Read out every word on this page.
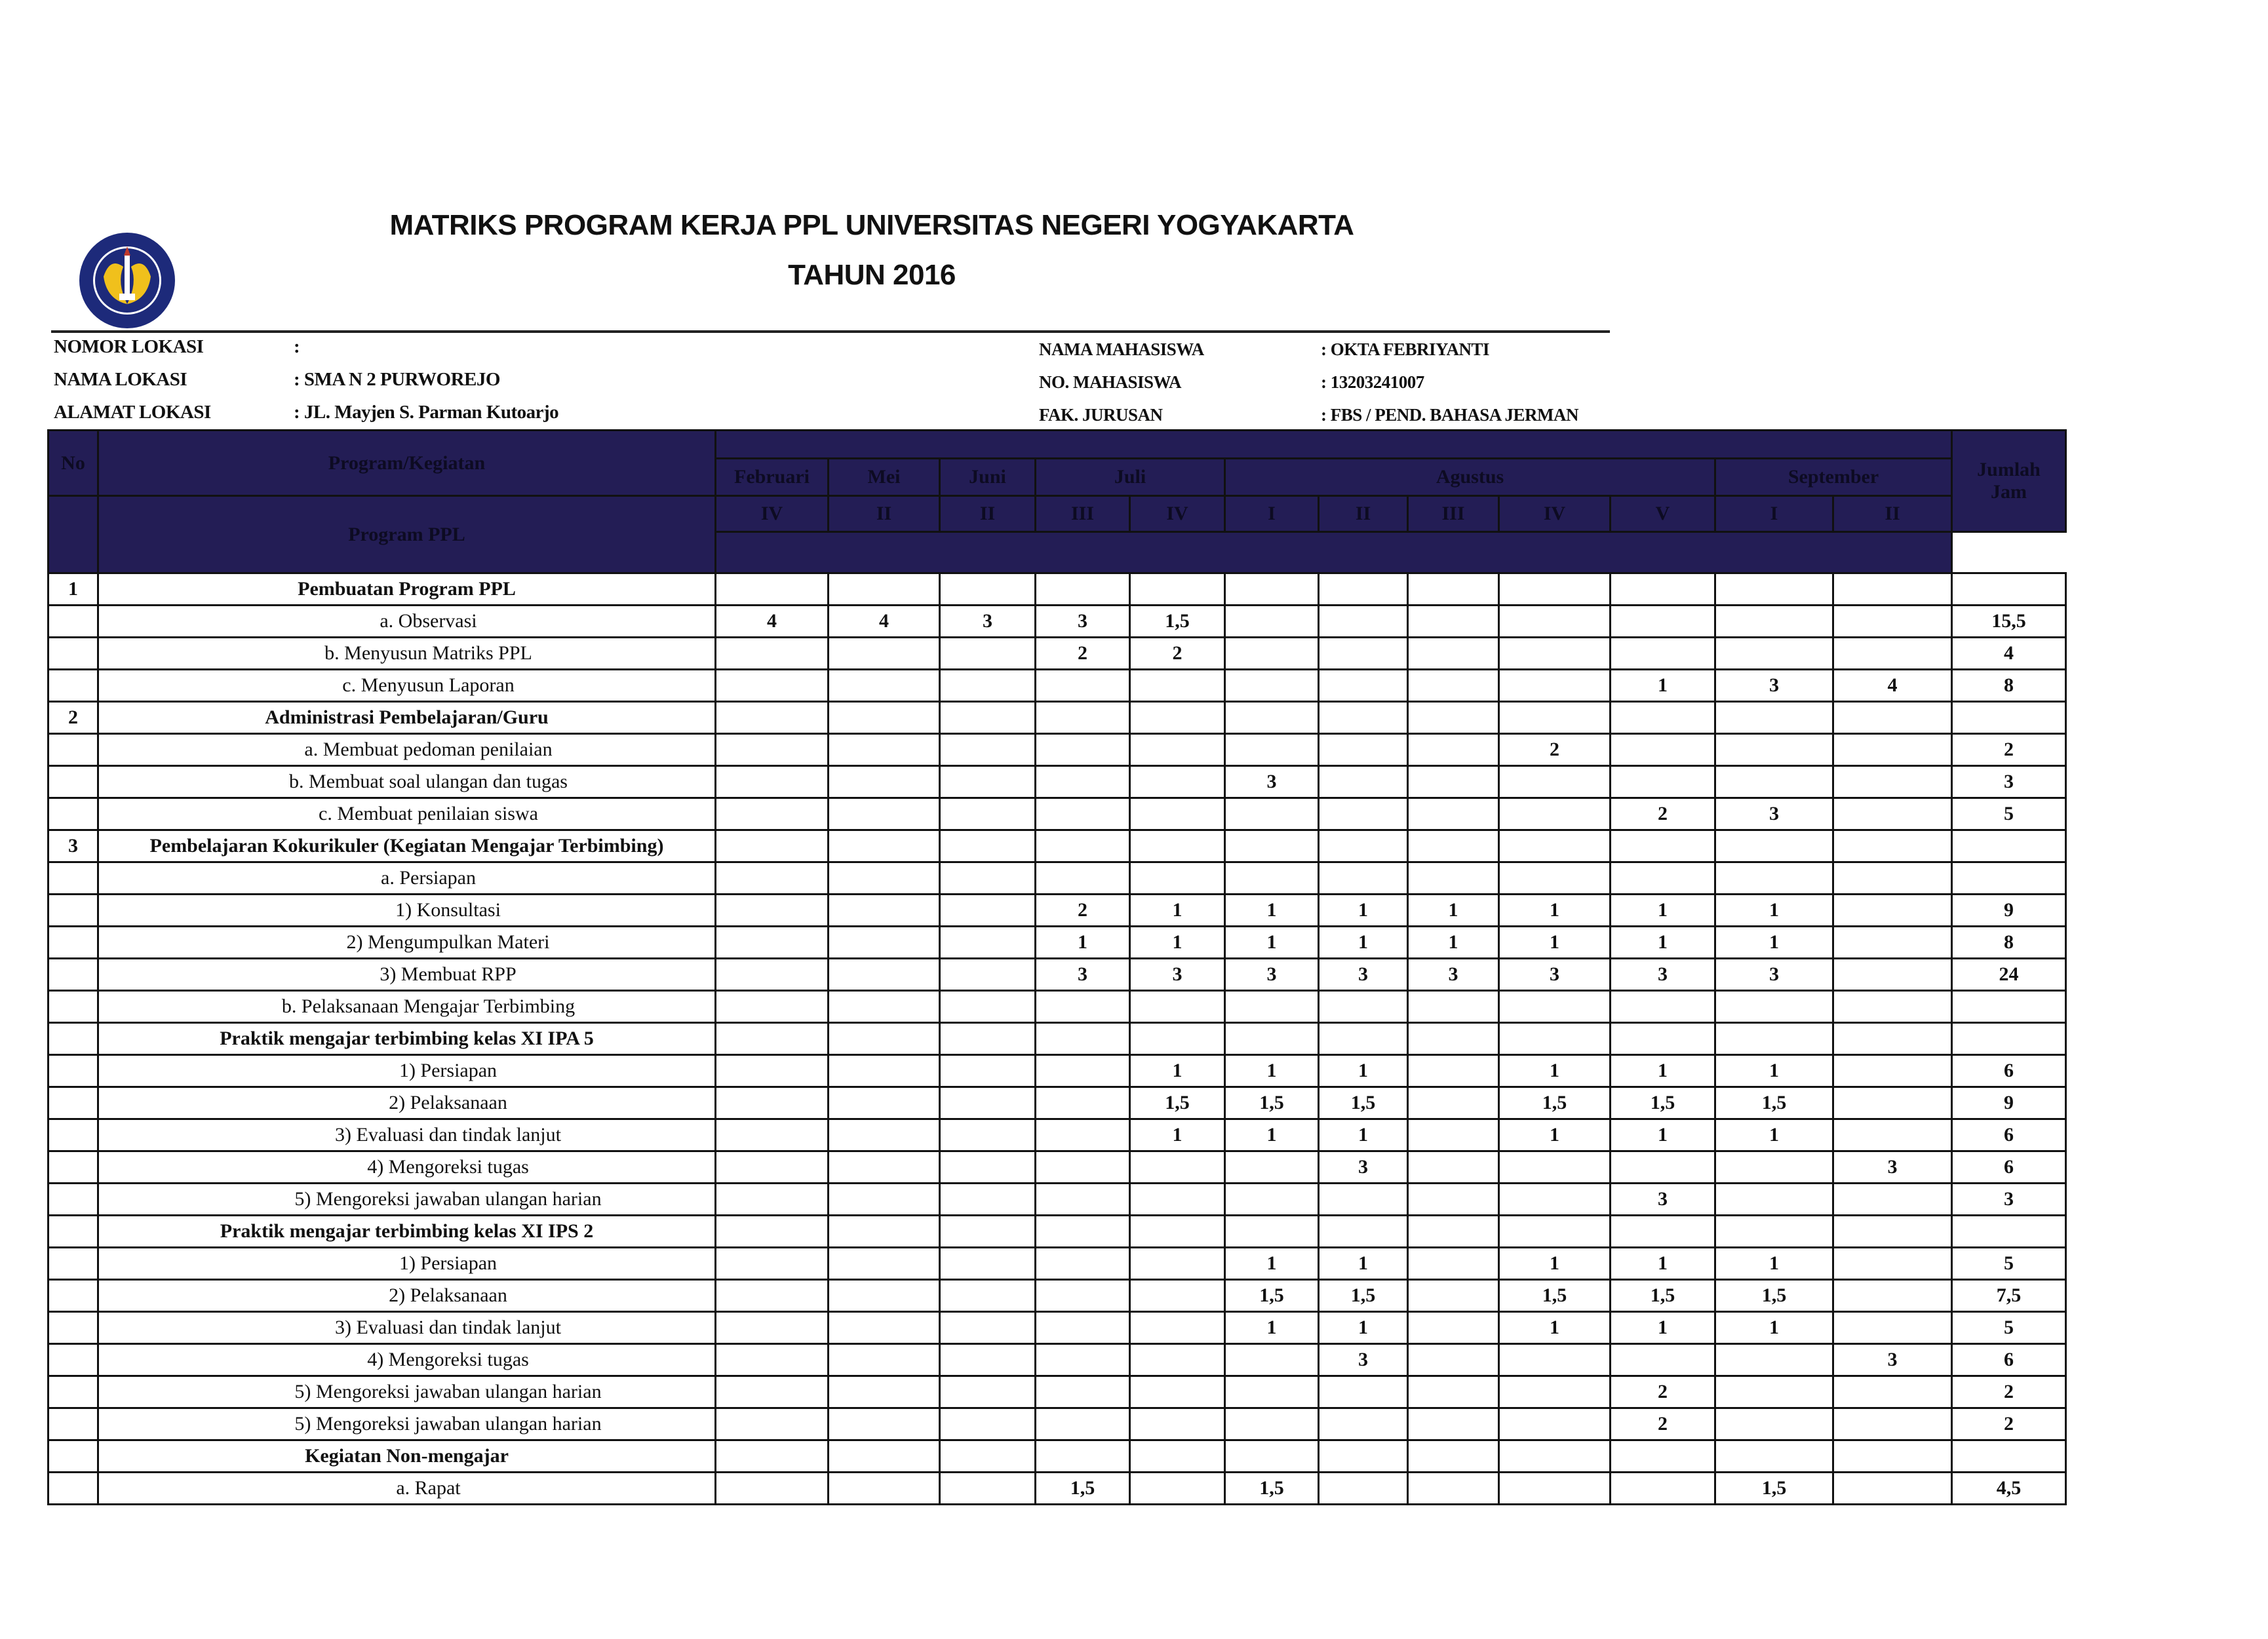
MATRIKS PROGRAM KERJA PPL UNIVERSITAS NEGERI YOGYAKARTA
TAHUN 2016
NOMOR LOKASI	:
NAMA LOKASI	: SMA N 2 PURWOREJO
ALAMAT LOKASI	: JL. Mayjen S. Parman Kutoarjo
NAMA MAHASISWA	: OKTA FEBRIYANTI
NO. MAHASISWA	: 13203241007
FAK. JURUSAN	: FBS / PEND. BAHASA JERMAN
No	Program/Kegiatan													Jumlah
Jam

		Februari	Mei	Juni	Juli		Agustus					September		
	Program PPL	IV	II	II	III	IV	I	II	III	IV	V	I	II	

1	Pembuatan Program PPL													
	a. Observasi	4	4	3	3	1,5								15,5
	b. Menyusun Matriks PPL				2	2								4
	c. Menyusun Laporan										1	3	4	8
2	Administrasi Pembelajaran/Guru													
	a. Membuat pedoman penilaian									2				2
	b. Membuat soal ulangan dan tugas						3							3
	c. Membuat penilaian siswa										2	3		5
3	Pembelajaran Kokurikuler (Kegiatan Mengajar Terbimbing)													
	a. Persiapan													
	1) Konsultasi				2	1	1	1	1	1	1	1		9
	2) Mengumpulkan Materi				1	1	1	1	1	1	1	1		8
	3) Membuat RPP				3	3	3	3	3	3	3	3		24
	b. Pelaksanaan Mengajar Terbimbing													
	Praktik mengajar terbimbing kelas XI IPA 5													
	1) Persiapan					1	1	1		1	1	1		6
	2) Pelaksanaan					1,5	1,5	1,5		1,5	1,5	1,5		9
	3) Evaluasi dan tindak lanjut					1	1	1		1	1	1		6
	4) Mengoreksi tugas							3					3	6
	5) Mengoreksi jawaban ulangan harian										3			3
	Praktik mengajar terbimbing kelas XI IPS 2													
	1) Persiapan						1	1		1	1	1		5
	2) Pelaksanaan						1,5	1,5		1,5	1,5	1,5		7,5
	3) Evaluasi dan tindak lanjut						1	1		1	1	1		5
	4) Mengoreksi tugas							3					3	6
	5) Mengoreksi jawaban ulangan harian										2			2
	5) Mengoreksi jawaban ulangan harian										2			2
	Kegiatan Non-mengajar													
	a. Rapat				1,5		1,5					1,5		4,5
